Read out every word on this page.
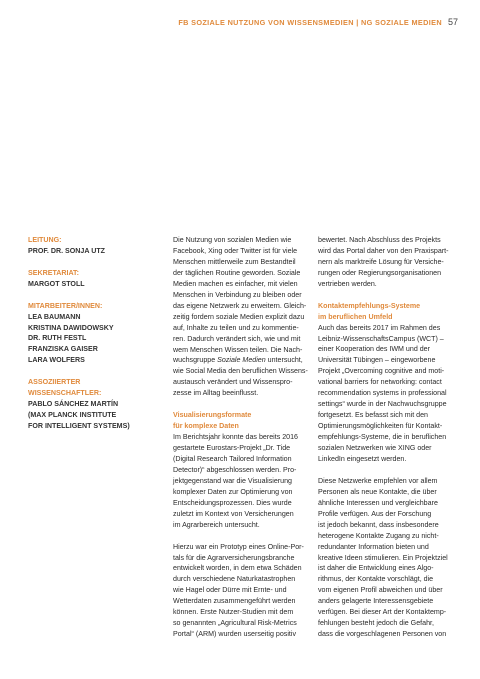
FB SOZIALE NUTZUNG VON WISSENSMEDIEN | NG SOZIALE MEDIEN 57
LEITUNG:
PROF. DR. SONJA UTZ
SEKRETARIAT:
MARGOT STOLL
MITARBEITER/INNEN:
LEA BAUMANN
KRISTINA DAWIDOWSKY
DR. RUTH FESTL
FRANZISKA GAISER
LARA WOLFERS
ASSOZIIERTER
WISSENSCHAFTLER:
PABLO SÁNCHEZ MARTÍN
(MAX PLANCK INSTITUTE
FOR INTELLIGENT SYSTEMS)

Die Nutzung von sozialen Medien wie
Facebook, Xing oder Twitter ist für viele
Menschen mittlerweile zum Bestandteil
der täglichen Routine geworden. Soziale
Medien machen es einfacher, mit vielen
Menschen in Verbindung zu bleiben oder
das eigene Netzwerk zu erweitern. Gleich-
zeitig fordern soziale Medien explizit dazu
auf, Inhalte zu teilen und zu kommentie-
ren. Dadurch verändert sich, wie und mit
wem Menschen Wissen teilen. Die Nach-
wuchsgruppe Soziale Medien untersucht,
wie Social Media den beruflichen Wissens-
austausch verändert und Wissenspro-
zesse im Alltag beeinflusst.

Visualisierungsformate
für komplexe Daten

Im Berichtsjahr konnte das bereits 2016
gestartete Eurostars-Projekt „Dr. Tide
(Digital Research Tailored Information
Detector)“ abgeschlossen werden. Pro-
jektgegenstand war die Visualisierung
komplexer Daten zur Optimierung von
Entscheidungsprozessen. Dies wurde
zuletzt im Kontext von Versicherungen
im Agrarbereich untersucht.

Hierzu war ein Prototyp eines Online-Por-
tals für die Agrarversicherungsbranche
entwickelt worden, in dem etwa Schäden
durch verschiedene Naturkatastrophen
wie Hagel oder Dürre mit Ernte- und
Wetterdaten zusammengeführt werden
können. Erste Nutzer-Studien mit dem
so genannten „Agricultural Risk-Metrics
Portal“ (ARM) wurden userseitig positiv

bewertet. Nach Abschluss des Projekts
wird das Portal daher von den Praxispart-
nern als marktreife Lösung für Versiche-
rungen oder Regierungsorganisationen
vertrieben werden.

Kontaktempfehlungs-Systeme
im beruflichen Umfeld

Auch das bereits 2017 im Rahmen des
Leibniz-WissenschaftsCampus (WCT) –
einer Kooperation des IWM und der
Universität Tübingen – eingeworbene
Projekt „Overcoming cognitive and moti-
vational barriers for networking: contact
recommendation systems in professional
settings“ wurde in der Nachwuchsgruppe
fortgesetzt. Es befasst sich mit den
Optimierungsmöglichkeiten für Kontakt-
empfehlungs-Systeme, die in beruflichen
sozialen Netzwerken wie XING oder
LinkedIn eingesetzt werden.

Diese Netzwerke empfehlen vor allem
Personen als neue Kontakte, die über
ähnliche Interessen und vergleichbare
Profile verfügen. Aus der Forschung
ist jedoch bekannt, dass insbesondere
heterogene Kontakte Zugang zu nicht-
redundanter Information bieten und
kreative Ideen stimulieren. Ein Projektziel
ist daher die Entwicklung eines Algo-
rithmus, der Kontakte vorschlägt, die
vom eigenen Profil abweichen und über
anders gelagerte Interessensgebiete
verfügen. Bei dieser Art der Kontaktemp-
fehlungen besteht jedoch die Gefahr,
dass die vorgeschlagenen Personen von
